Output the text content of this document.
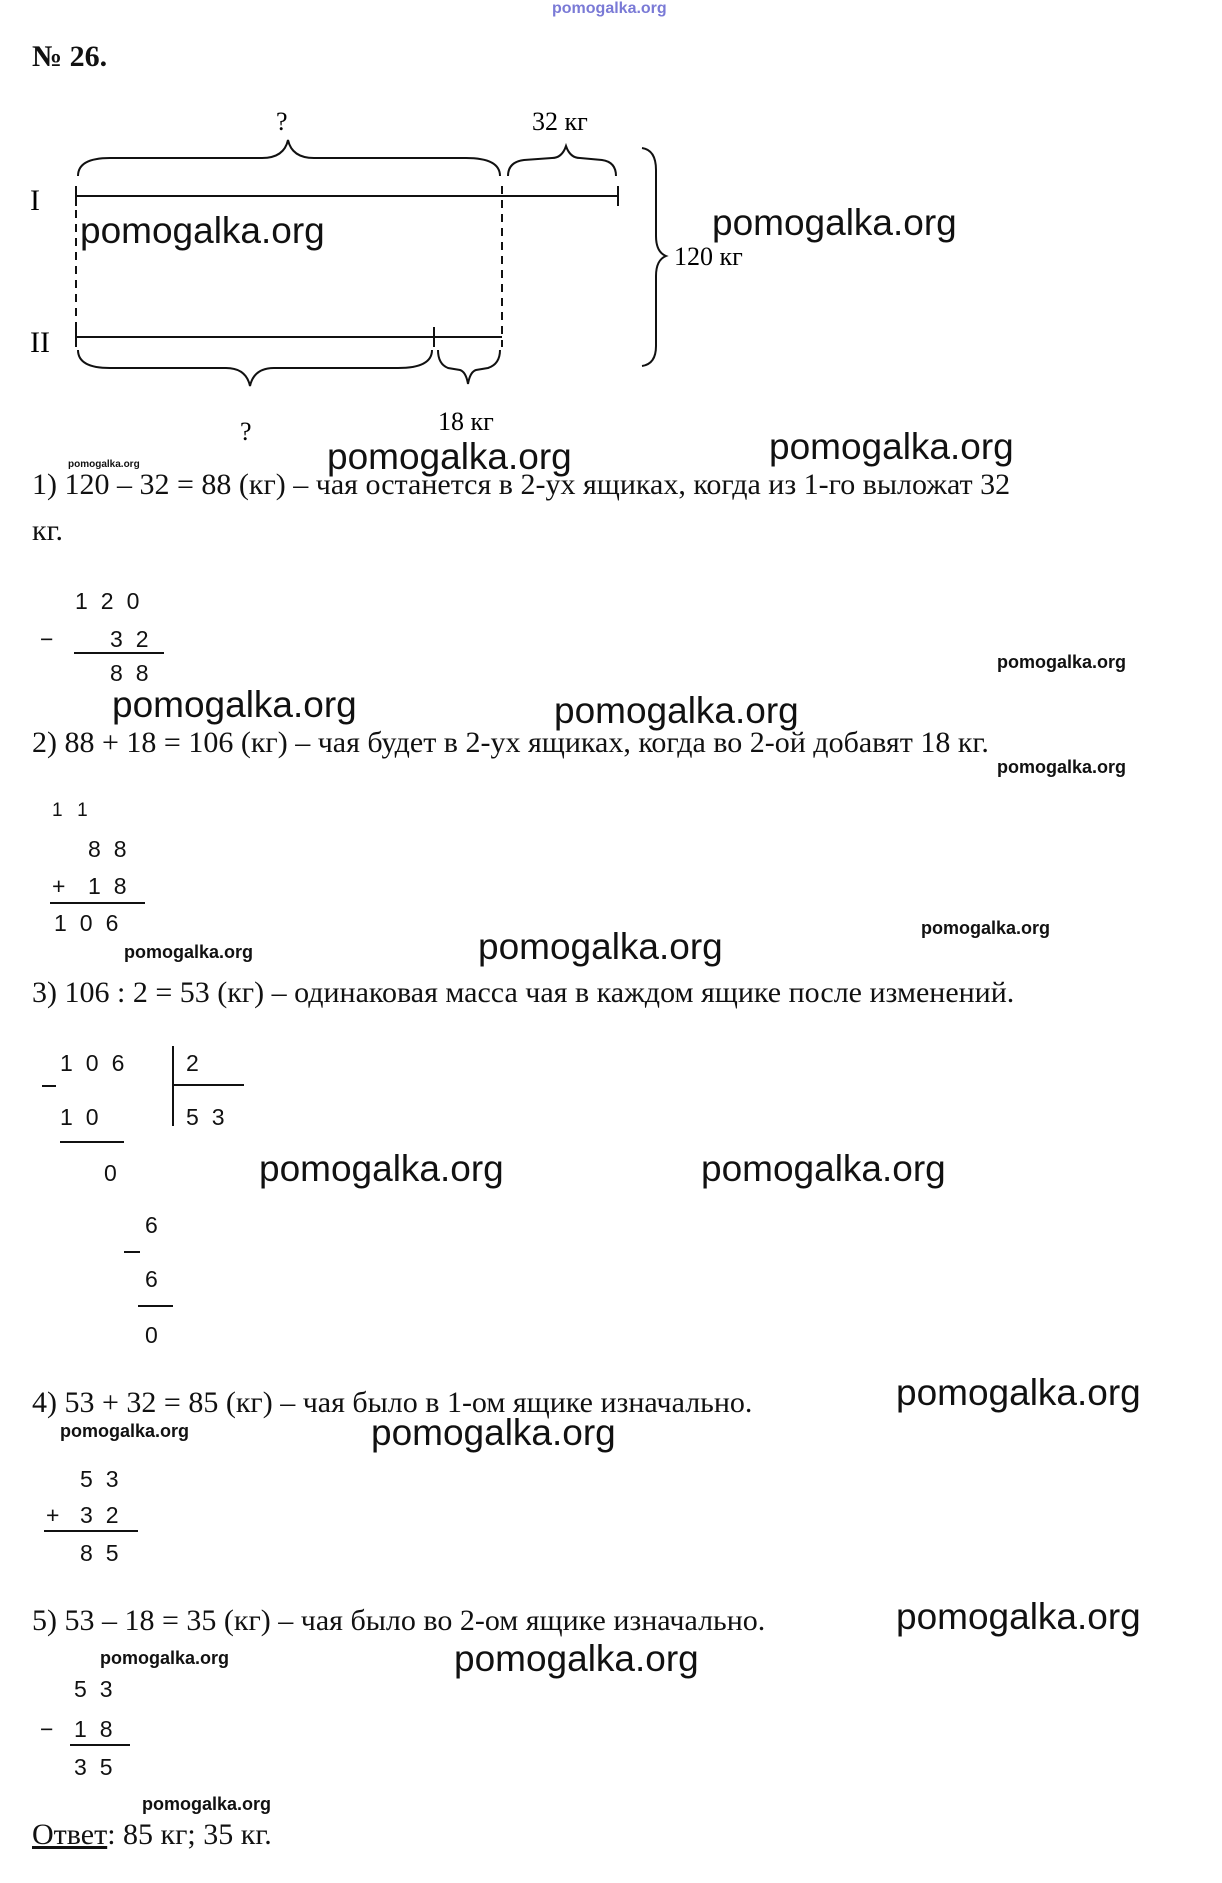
pomogalka.org
№ 26.
I
II
?
?
32 кг
18 кг
120 кг
pomogalka.org	pomogalka.org
pomogalka.org	pomogalka.org
pomogalka.org
pomogalka.org
pomogalka.org	pomogalka.org
pomogalka.org
pomogalka.org
pomogalka.org	pomogalka.org
pomogalka.org	pomogalka.org
pomogalka.org
pomogalka.org	pomogalka.org
pomogalka.org
pomogalka.org	pomogalka.org
pomogalka.org
1) 120 – 32 = 88 (кг) – чая останется в 2-ух ящиках, когда из 1-го выложат 32
кг.
120
− 32
88
2) 88 + 18 = 106 (кг) – чая будет в 2-ух ящиках, когда во 2-ой добавят 18 кг.
11
88
+ 18
106
3) 106 : 2 = 53 (кг) – одинаковая масса чая в каждом ящике после изменений.
106 2
10	53
0
6
6
0
4) 53 + 32 = 85 (кг) – чая было в 1-ом ящике изначально.
53
+ 32
85
5) 53 – 18 = 35 (кг) – чая было во 2-ом ящике изначально.
53
− 18
35
Ответ: 85 кг; 35 кг.
